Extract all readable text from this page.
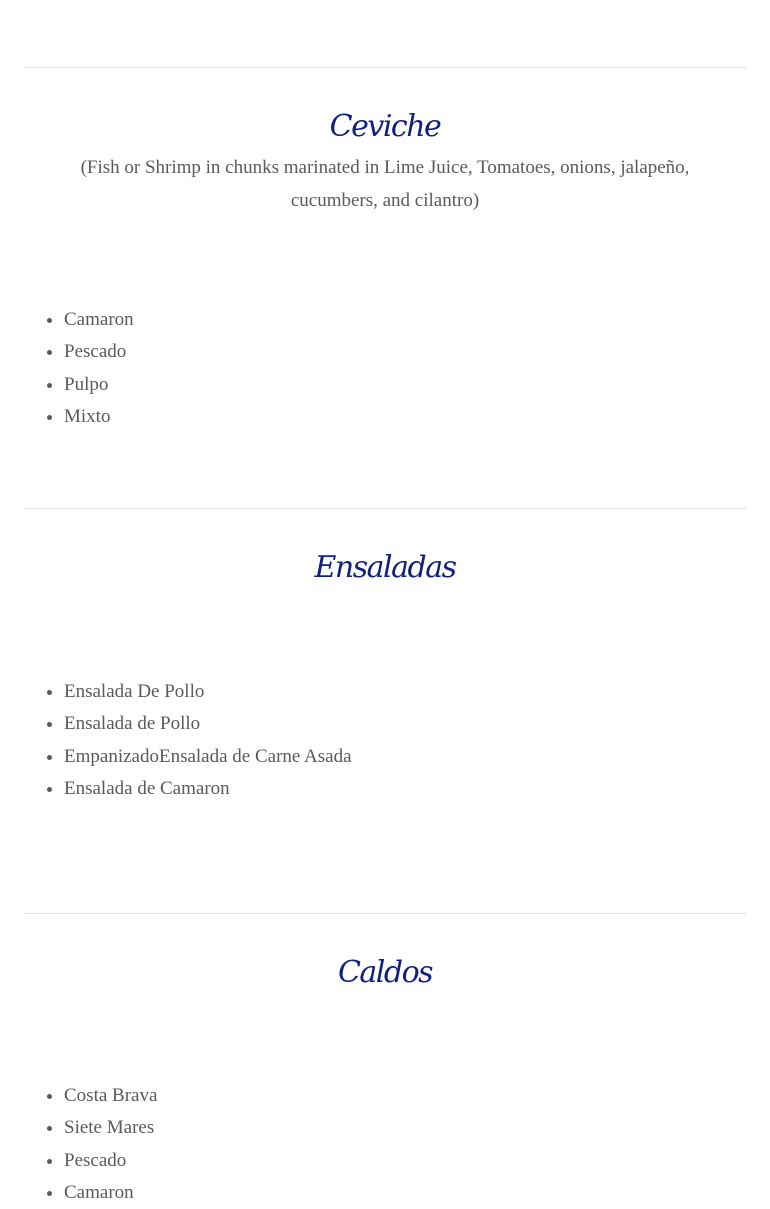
Ceviche
(Fish or Shrimp in chunks marinated in Lime Juice, Tomatoes, onions, jalapeño, cucumbers, and cilantro)
• Camaron
• Pescado
• Pulpo
• Mixto
Ensaladas
• Ensalada De Pollo
• Ensalada de Pollo
• EmpanizadoEnsalada de Carne Asada
• Ensalada de Camaron
Caldos
• Costa Brava
• Siete Mares
• Pescado
• Camaron
